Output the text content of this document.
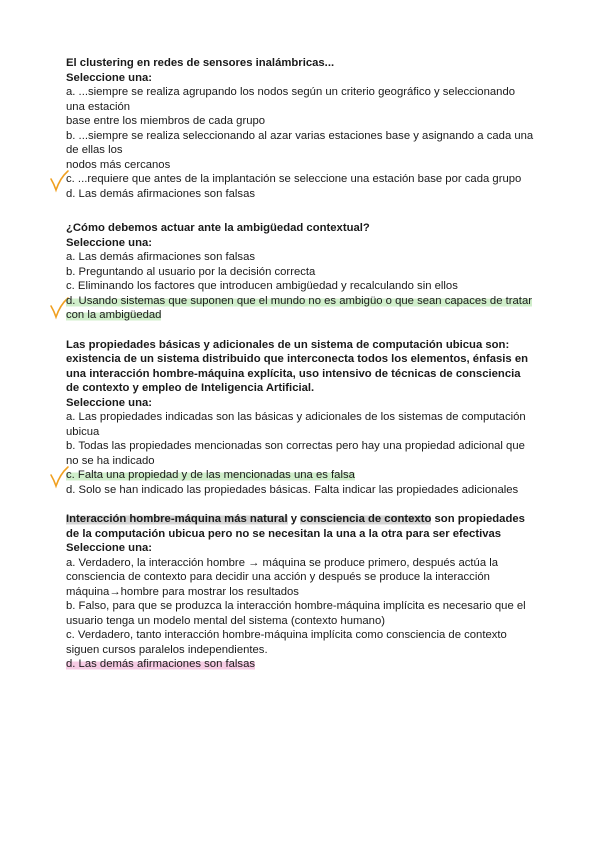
El clustering en redes de sensores inalámbricas...
Seleccione una:
a. ...siempre se realiza agrupando los nodos según un criterio geográfico y seleccionando una estación
base entre los miembros de cada grupo
b. ...siempre se realiza seleccionando al azar varias estaciones base y asignando a cada una de ellas los
nodos más cercanos
c. ...requiere que antes de la implantación se seleccione una estación base por cada grupo
d. Las demás afirmaciones son falsas
¿Cómo debemos actuar ante la ambigüedad contextual?
Seleccione una:
a. Las demás afirmaciones son falsas
b. Preguntando al usuario por la decisión correcta
c. Eliminando los factores que introducen ambigüedad y recalculando sin ellos
d. Usando sistemas que suponen que el mundo no es ambigüo o que sean capaces de tratar
con la ambigüedad
Las propiedades básicas y adicionales de un sistema de computación ubicua son: existencia de un sistema distribuido que interconecta todos los elementos, énfasis en una interacción hombre-máquina explícita, uso intensivo de técnicas de consciencia de contexto y empleo de Inteligencia Artificial.
Seleccione una:
a. Las propiedades indicadas son las básicas y adicionales de los sistemas de computación ubicua
b. Todas las propiedades mencionadas son correctas pero hay una propiedad adicional que no se ha indicado
c. Falta una propiedad y de las mencionadas una es falsa
d. Solo se han indicado las propiedades básicas. Falta indicar las propiedades adicionales
Interacción hombre-máquina más natural y consciencia de contexto son propiedades de la computación ubicua pero no se necesitan la una a la otra para ser efectivas
Seleccione una:
a. Verdadero, la interacción hombre → máquina se produce primero, después actúa la consciencia de contexto para decidir una acción y después se produce la interacción máquina→hombre para mostrar los resultados
b. Falso, para que se produzca la interacción hombre-máquina implícita es necesario que el usuario tenga un modelo mental del sistema (contexto humano)
c. Verdadero, tanto interacción hombre-máquina implícita como consciencia de contexto siguen cursos paralelos independientes.
d. Las demás afirmaciones son falsas
